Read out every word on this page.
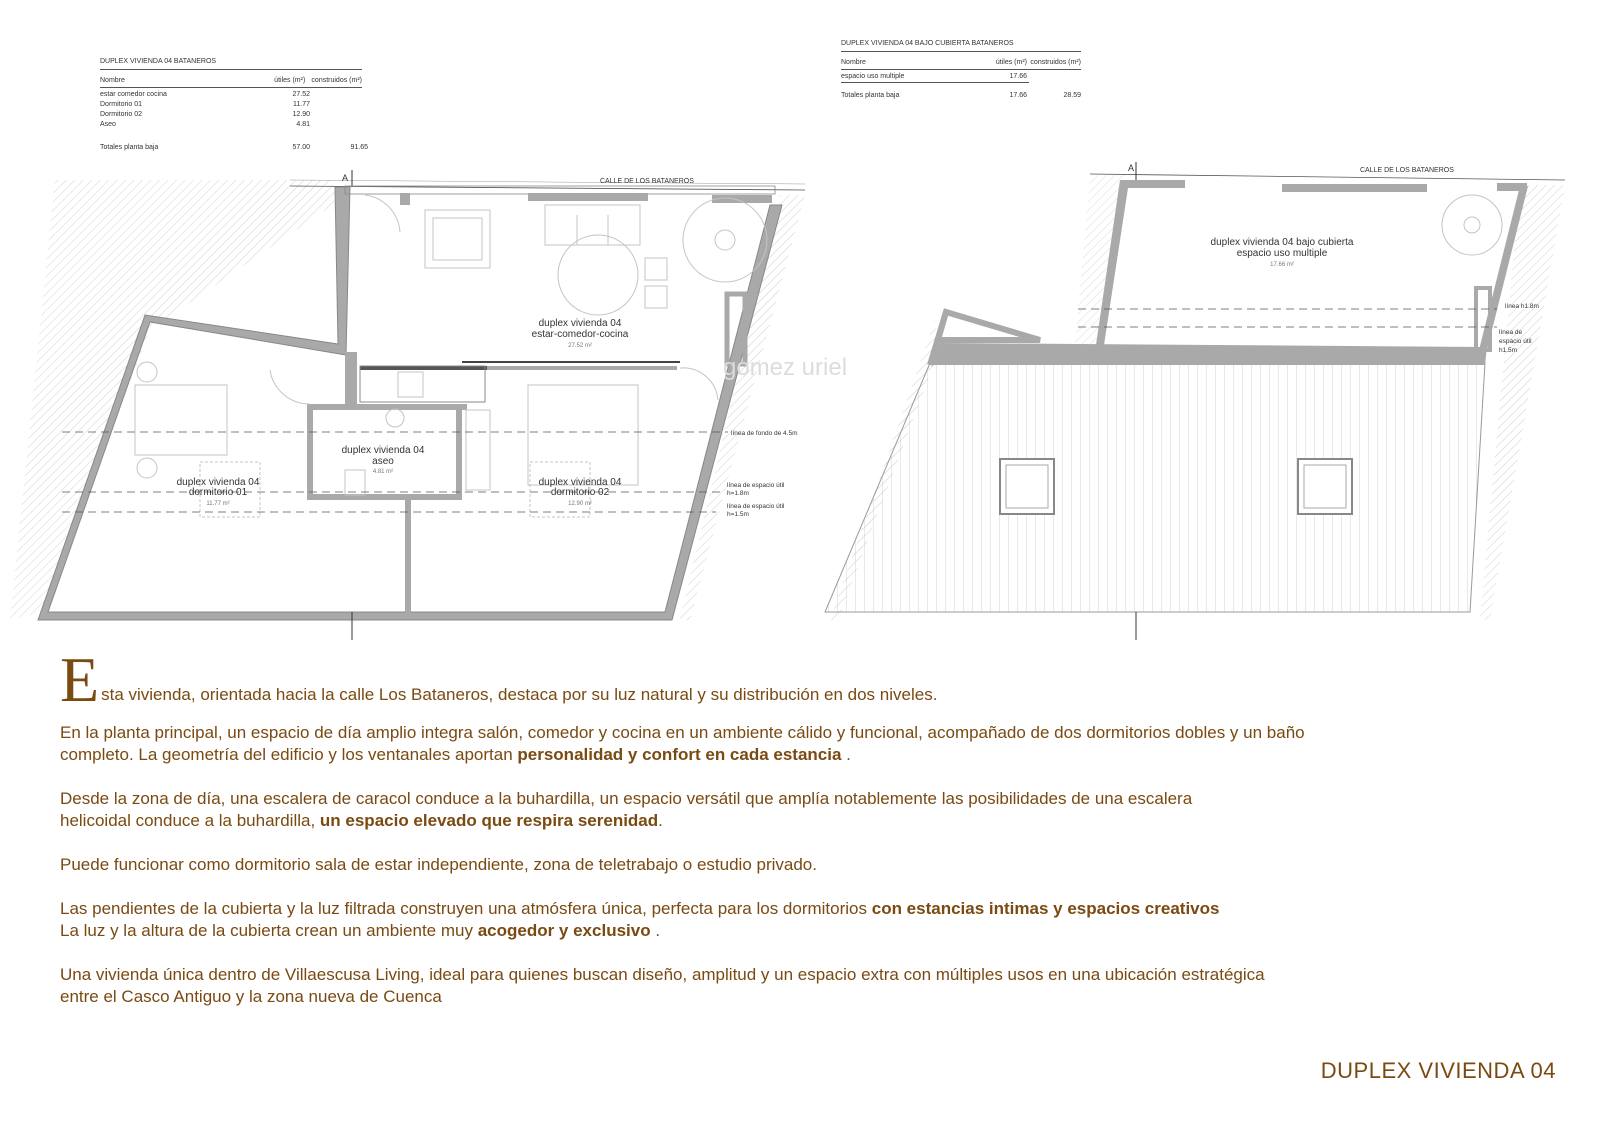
DUPLEX VIVIENDA 04 BATANEROS
Nombre	útiles (m²) construidos (m²)
estar comedor cocina	27.52
Dormitorio 01	11.77
Dormitorio 02	12.90
Aseo	4.81
Totales planta baja	57.00	91.65
DUPLEX VIVIENDA 04 BAJO CUBIERTA BATANEROS
Nombre	útiles (m²) construidos (m²)
espacio uso multiple	17.66
Totales planta baja	17.66	28.59
CALLE DE LOS BATANEROS
A
duplex vivienda 04
estar-comedor-cocina
27.52 m²
duplex vivienda 04
aseo
4.81 m²
duplex vivienda 04
dormitorio 01
11.77 m²
duplex vivienda 04
dormitorio 02
12.90 m²
línea de fondo de 4.5m
línea de espacio útil
h=1.8m
línea de espacio útil
h=1.5m
gomez uriel
CALLE DE LOS BATANEROS
A
duplex vivienda 04 bajo cubierta
espacio uso multiple
17.66 m²
línea h1.8m
línea de
espacio útil
h1.5m
E sta vivienda, orientada hacia la calle Los Bataneros, destaca por su luz natural y su distribución en dos niveles.

En la planta principal, un espacio de día amplio integra salón, comedor y cocina en un ambiente cálido y funcional, acompañado de dos dormitorios dobles y un baño

completo. La geometría del edificio y los ventanales aportan personalidad y confort en cada estancia .

Desde la zona de día, una escalera de caracol conduce a la buhardilla, un espacio versátil que amplía notablemente las posibilidades de una escalera

helicoidal conduce a la buhardilla, un espacio elevado que respira serenidad.

Puede funcionar como dormitorio sala de estar independiente, zona de teletrabajo o estudio privado.

Las pendientes de la cubierta y la luz filtrada construyen una atmósfera única, perfecta para los dormitorios con estancias intimas y espacios creativos

La luz y la altura de la cubierta crean un ambiente muy acogedor y exclusivo .

Una vivienda única dentro de Villaescusa Living, ideal para quienes buscan diseño, amplitud y un espacio extra con múltiples usos en una ubicación estratégica

entre el Casco Antiguo y la zona nueva de Cuenca

DUPLEX VIVIENDA 04
